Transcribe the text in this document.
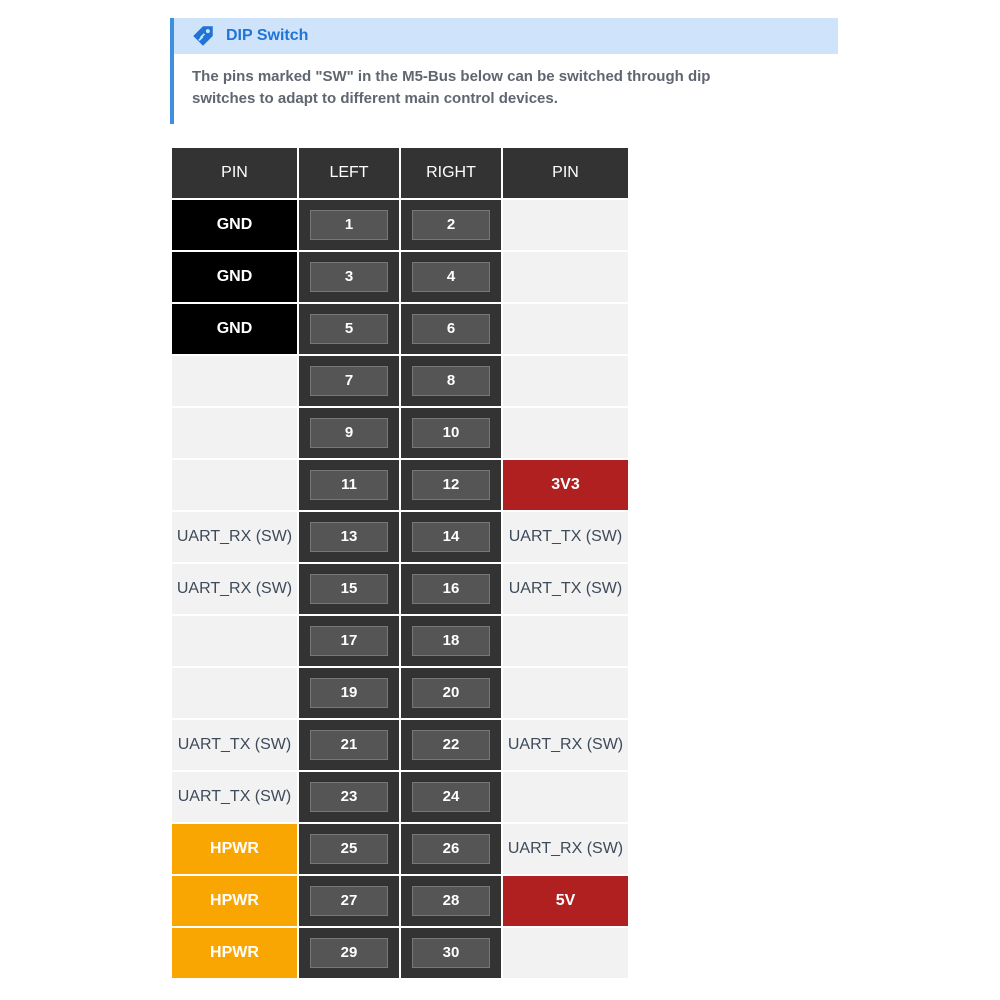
DIP Switch
The pins marked "SW" in the M5-Bus below can be switched through dip switches to adapt to different main control devices.
PIN	LEFT	RIGHT	PIN
GND	1	2	

GND	3	4	

GND	5	6	

	7	8	

	9	10	

	11	12	3V3
UART_RX (SW)	13	14	UART_TX (SW)
UART_RX (SW)	15	16	UART_TX (SW)

	17	18	

	19	20	

UART_TX (SW)	21	22	UART_RX (SW)
UART_TX (SW)	23	24	

HPWR	25	26	UART_RX (SW)
HPWR	27	28	5V
HPWR	29	30	
